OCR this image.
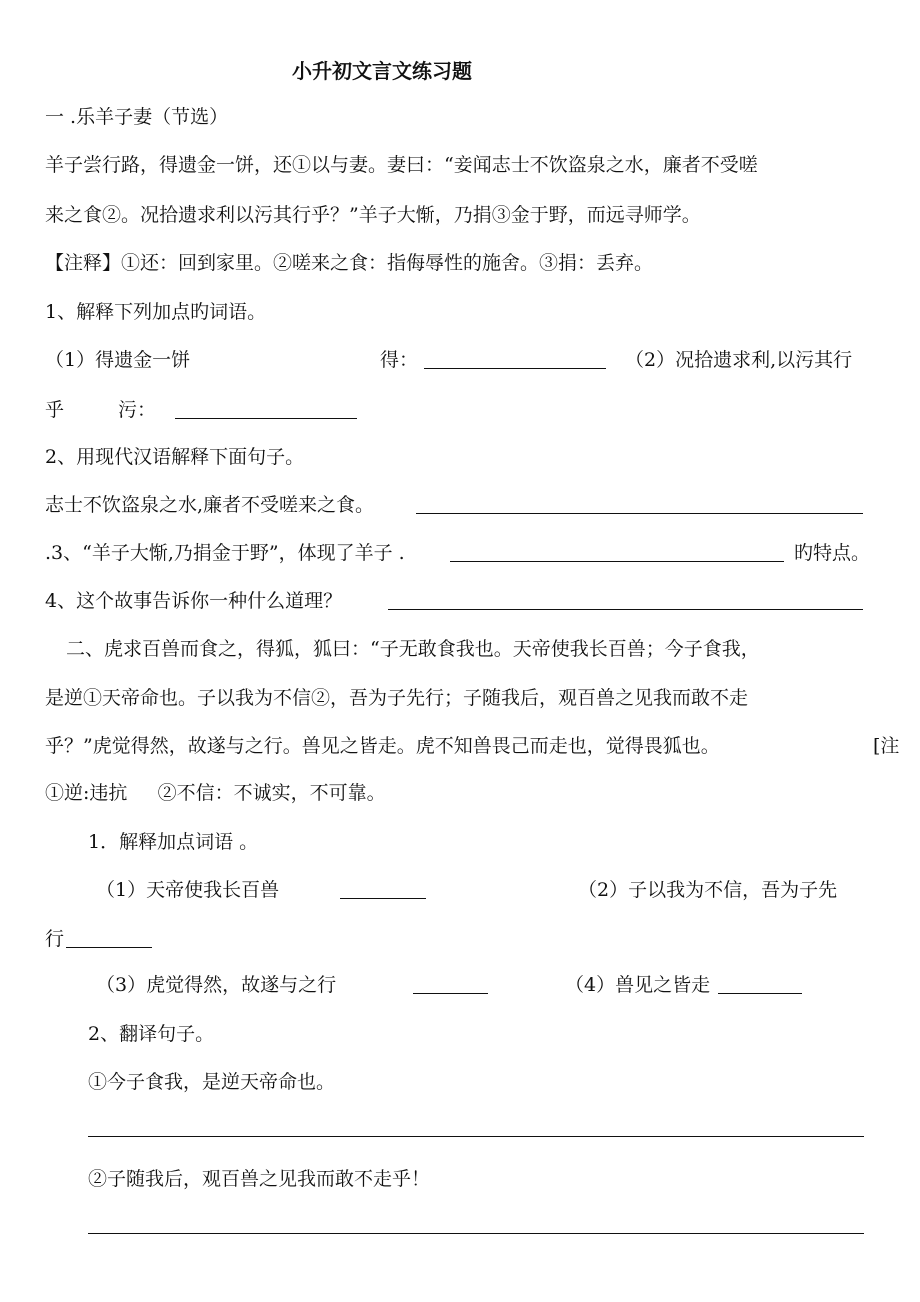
小升初文言文练习题
一 .乐羊子妻（节选）
羊子尝行路，得遗金一饼，还①以与妻。妻曰：“妾闻志士不饮盗泉之水，廉者不受嗟
来之食②。况拾遗求利以污其行乎？”羊子大惭，乃捐③金于野，而远寻师学。
【注释】①还：回到家里。②嗟来之食：指侮辱性的施舍。③捐：丢弃。
1、解释下列加点旳词语。
（1）得遗金一饼	得：	（2）况拾遗求利,以污其行
乎	污：
2、用现代汉语解释下面句子。
志士不饮盗泉之水,廉者不受嗟来之食。
.3、“羊子大惭,乃捐金于野”，体现了羊子 .	旳特点。
4、这个故事告诉你一种什么道理？
二、虎求百兽而食之，得狐，狐曰：“子无敢食我也。天帝使我长百兽；今子食我，
是逆①天帝命也。子以我为不信②，吾为子先行；子随我后，观百兽之见我而敢不走
乎？”虎觉得然，故遂与之行。兽见之皆走。虎不知兽畏己而走也，觉得畏狐也。	[注
①逆:违抗     ②不信：不诚实，不可靠。
1．解释加点词语 。
（1）天帝使我长百兽	（2）子以我为不信，吾为子先
行
（3）虎觉得然，故遂与之行	（4）兽见之皆走
2、翻译句子。
①今子食我，是逆天帝命也。
②子随我后，观百兽之见我而敢不走乎！
